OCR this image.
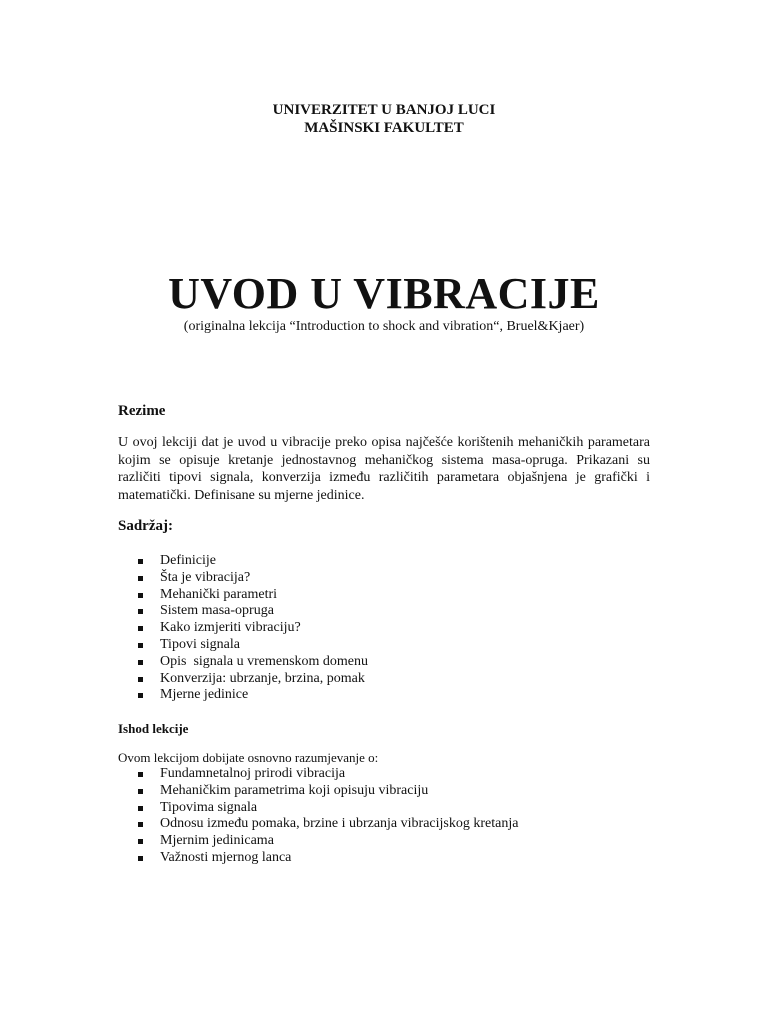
UNIVERZITET U BANJOJ LUCI
MAŠINSKI FAKULTET
UVOD U VIBRACIJE
(originalna lekcija “Introduction to shock and vibration“, Bruel&Kjaer)
Rezime
U ovoj lekciji dat je uvod u vibracije preko opisa najčešće korištenih mehaničkih parametara kojim se opisuje kretanje jednostavnog mehaničkog sistema masa-opruga. Prikazani su različiti tipovi signala, konverzija između različitih parametara objašnjena je grafički i matematički. Definisane su mjerne jedinice.
Sadržaj:
Definicije
Šta je vibracija?
Mehanički parametri
Sistem masa-opruga
Kako izmjeriti vibraciju?
Tipovi signala
Opis  signala u vremenskom domenu
Konverzija: ubrzanje, brzina, pomak
Mjerne jedinice
Ishod lekcije
Ovom lekcijom dobijate osnovno razumjevanje o:
Fundamnetalnoj prirodi vibracija
Mehaničkim parametrima koji opisuju vibraciju
Tipovima signala
Odnosu između pomaka, brzine i ubrzanja vibracijskog kretanja
Mjernim jedinicama
Važnosti mjernog lanca
